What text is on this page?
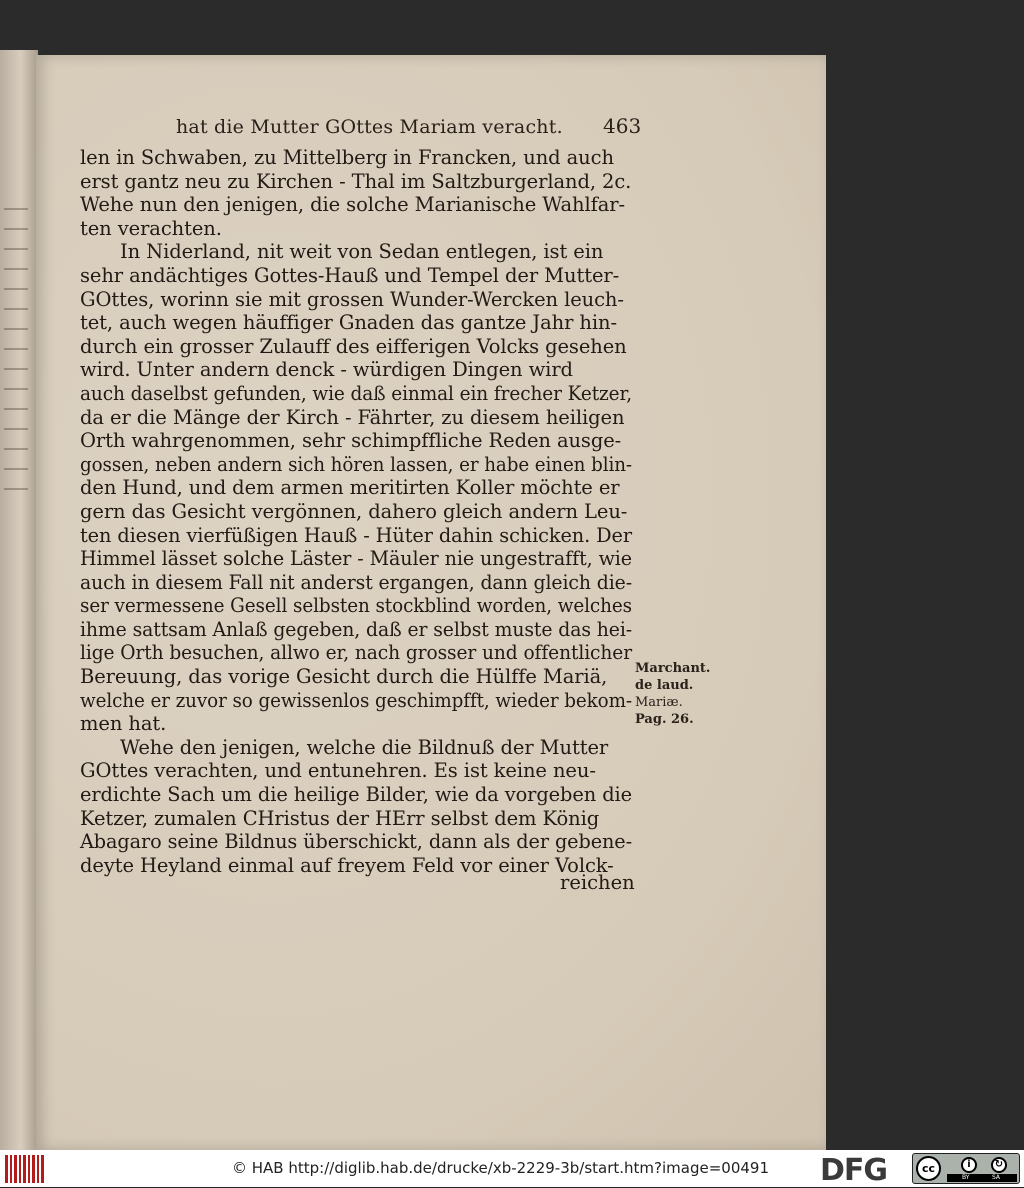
hat die Mutter GOttes Mariam veracht.	463
len in Schwaben, zu Mittelberg in Francken, und auch
erst gantz neu zu Kirchen - Thal im Saltzburgerland, 2c.
Wehe nun den jenigen, die solche Marianische Wahlfar-
ten verachten.
In Niderland, nit weit von Sedan entlegen, ist ein
sehr andächtiges Gottes-Hauß und Tempel der Mutter-
GOttes, worinn sie mit grossen Wunder-Wercken leuch-
tet, auch wegen häuffiger Gnaden das gantze Jahr hin-
durch ein grosser Zulauff des eifferigen Volcks gesehen
wird. Unter andern denck - würdigen Dingen wird
auch daselbst gefunden, wie daß einmal ein frecher Ketzer,
da er die Mänge der Kirch - Fährter, zu diesem heiligen
Orth wahrgenommen, sehr schimpffliche Reden ausge-
gossen, neben andern sich hören lassen, er habe einen blin-
den Hund, und dem armen meritirten Koller möchte er
gern das Gesicht vergönnen, dahero gleich andern Leu-
ten diesen vierfüßigen Hauß - Hüter dahin schicken. Der
Himmel lässet solche Läster - Mäuler nie ungestrafft, wie
auch in diesem Fall nit anderst ergangen, dann gleich die-
ser vermessene Gesell selbsten stockblind worden, welches
ihme sattsam Anlaß gegeben, daß er selbst muste das hei-
lige Orth besuchen, allwo er, nach grosser und offentlicher
Bereuung, das vorige Gesicht durch die Hülffe Mariä,
welche er zuvor so gewissenlos geschimpfft, wieder bekom-
men hat.
Wehe den jenigen, welche die Bildnuß der Mutter
GOttes verachten, und entunehren. Es ist keine neu-
erdichte Sach um die heilige Bilder, wie da vorgeben die
Ketzer, zumalen CHristus der HErr selbst dem König
Abagaro seine Bildnus überschickt, dann als der gebene-
deyte Heyland einmal auf freyem Feld vor einer Volck-
reichen
Marchant.
de laud.
Mariæ.
Pag. 26.
© HAB http://diglib.hab.de/drucke/xb-2229-3b/start.htm?image=00491 DFG	cc	i	↻
BY	SA
